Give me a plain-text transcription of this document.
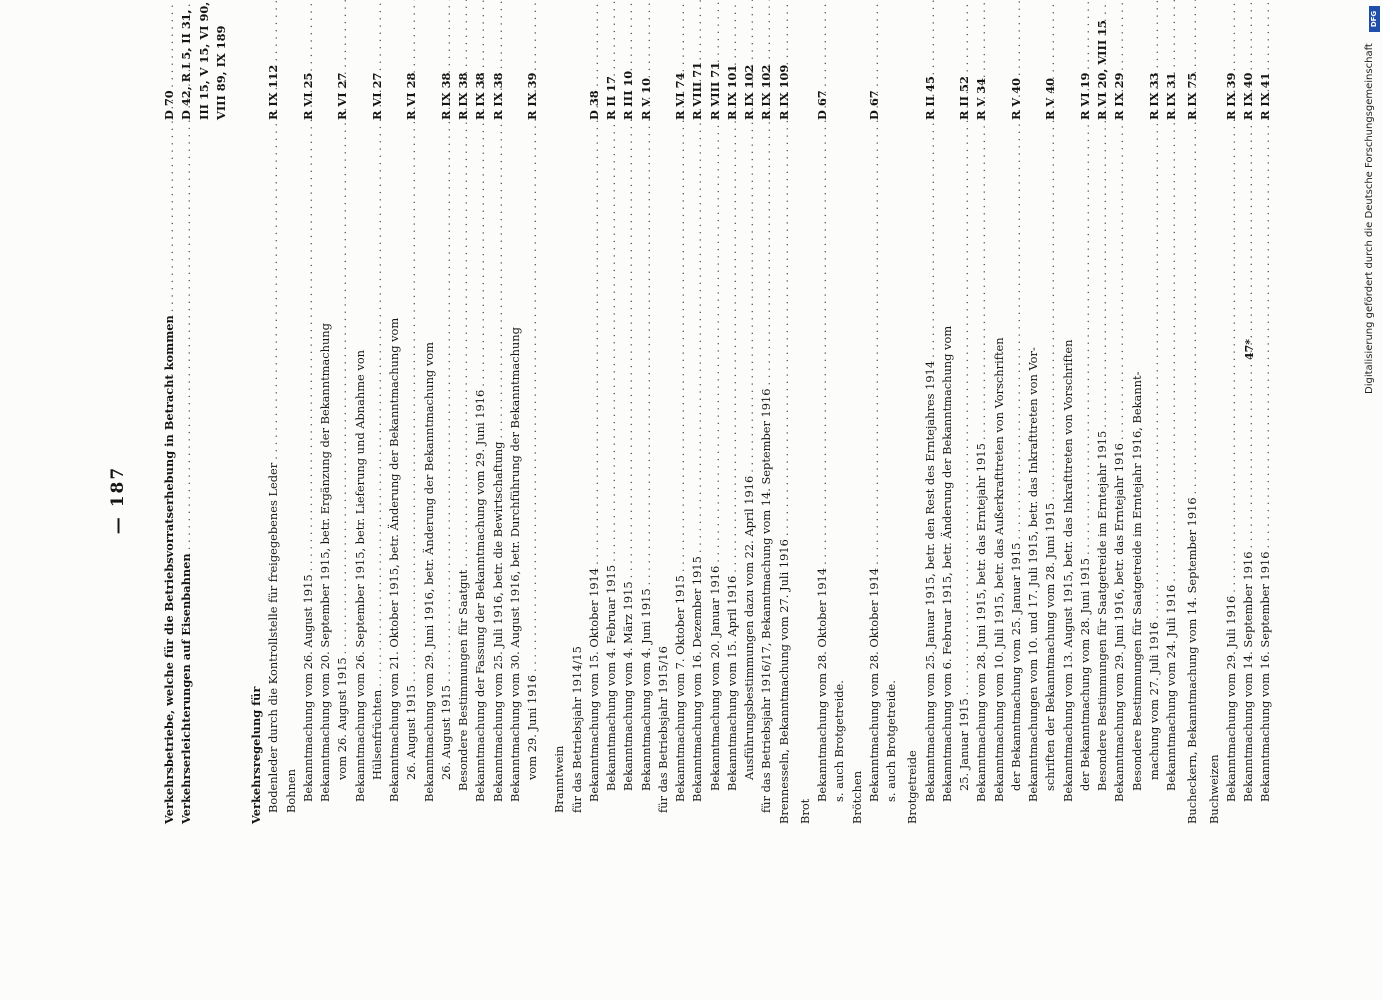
— 187	Verkehrsbetriebe, welche für die Betriebsvorratserhebung in Betracht kommen
. . .
D 70
Verkehrserleichterungen auf Eisenbahnen
. . .
D 42, R I 5, II 31, III 15, V 15, VI 90, VIII 89, IX 189
Verkehrsregelung für Bodenleder durch die Kontrollstelle für freigegebenes Leder
. . .
R IX 112
Bohnen Bekanntmachung vom 26. August 1915
. . .
R VI 25
Bekanntmachung vom 20. September 1915, betr. Ergänzung der Bekanntmachung vom 26. August 1915
. . .
R VI 27
Bekanntmachung vom 26. September 1915, betr. Lieferung und Abnahme von Hülsenfrüchten
. . .
R VI 27
Bekanntmachung vom 21. Oktober 1915, betr. Änderung der Bekanntmachung vom 26. August 1915
. . .
R VI 28
Bekanntmachung vom 29. Juni 1916, betr. Änderung der Bekanntmachung vom 26. August 1915
. . .
R IX 38
Besondere Bestimmungen für Saatgut
. . .
R IX 38
Bekanntmachung der Fassung der Bekanntmachung vom 29. Juni 1916
. . .
R IX 38
Bekanntmachung vom 25. Juli 1916, betr. die Bewirtschaftung
. . .
R IX 38
Bekanntmachung vom 30. August 1916, betr. Durchführung der Bekanntmachung vom 29. Juni 1916
. . .
R IX 39
Branntwein für das Betriebsjahr 1914/15 Bekanntmachung vom 15. Oktober 1914
. . .
D 38
Bekanntmachung vom 4. Februar 1915
. . .
R II 17
Bekanntmachung vom 4. März 1915
. . .
R III 10
Bekanntmachung vom 4. Juni 1915
. . .
R V 10
für das Betriebsjahr 1915/16 Bekanntmachung vom 7. Oktober 1915
. . .
R VI 74
Bekanntmachung vom 16. Dezember 1915
. . .
R VIII 71
Bekanntmachung vom 20. Januar 1916
. . .
R VIII 71
Bekanntmachung vom 15. April 1916
. . .
R IX 101
Ausführungsbestimmungen dazu vom 22. April 1916
. . .
R IX 102
für das Betriebsjahr 1916/17, Bekanntmachung vom 14. September 1916
. . .
R IX 102
Brennesseln, Bekanntmachung vom 27. Juli 1916
. . .
R IX 109
Brot
Bekanntmachung vom 28. Oktober 1914
. . .
D 67
s. auch Brotgetreide. Brötchen Bekanntmachung vom 28. Oktober 1914
. . .
D 67
s. auch Brotgetreide. Brotgetreide Bekanntmachung vom 25. Januar 1915, betr. den Rest des Erntejahres 1914
. . .
R II 45
Bekanntmachung vom 6. Februar 1915, betr. Änderung der Bekanntmachung vom 25. Januar 1915
. . .
R II 52
Bekanntmachung vom 28. Juni 1915, betr. das Erntejahr 1915
. . .
R V 34
Bekanntmachung vom 10. Juli 1915, betr. das Außerkrafttreten von Vorschriften der Bekanntmachung vom 25. Januar 1915
. . .
R V 40
Bekanntmachungen vom 10. und 17. Juli 1915, betr. das Inkrafttreten von Vor- schriften der Bekanntmachung vom 28. Juni 1915
. . .
R V 40
Bekanntmachung vom 13. August 1915, betr. das Inkrafttreten von Vorschriften der Bekanntmachung vom 28. Juni 1915
. . .
R VI 19
Besondere Bestimmungen für Saatgetreide im Erntejahr 1915
. . .
R VI 20, VIII 15
Bekanntmachung vom 29. Juni 1916, betr. das Erntejahr 1916
. . .
R IX 29
Besondere Bestimmungen für Saatgetreide im Erntejahr 1916, Bekannt- machung vom 27. Juli 1916
. . .
R IX 33
Bekanntmachung vom 24. Juli 1916
. . .
R IX 31
Bucheckern, Bekanntmachung vom 14. September 1916
. . .
R IX 75
Buchweizen Bekanntmachung vom 29. Juli 1916
. . .
R IX 39
Bekanntmachung vom 14. September 1916
. . .
R IX 40
Bekanntmachung vom 16. September 1916
. . .
R IX 41
47*
DFG
Digitalisierung gefördert durch die Deutsche Forschungsgemeinschaft
